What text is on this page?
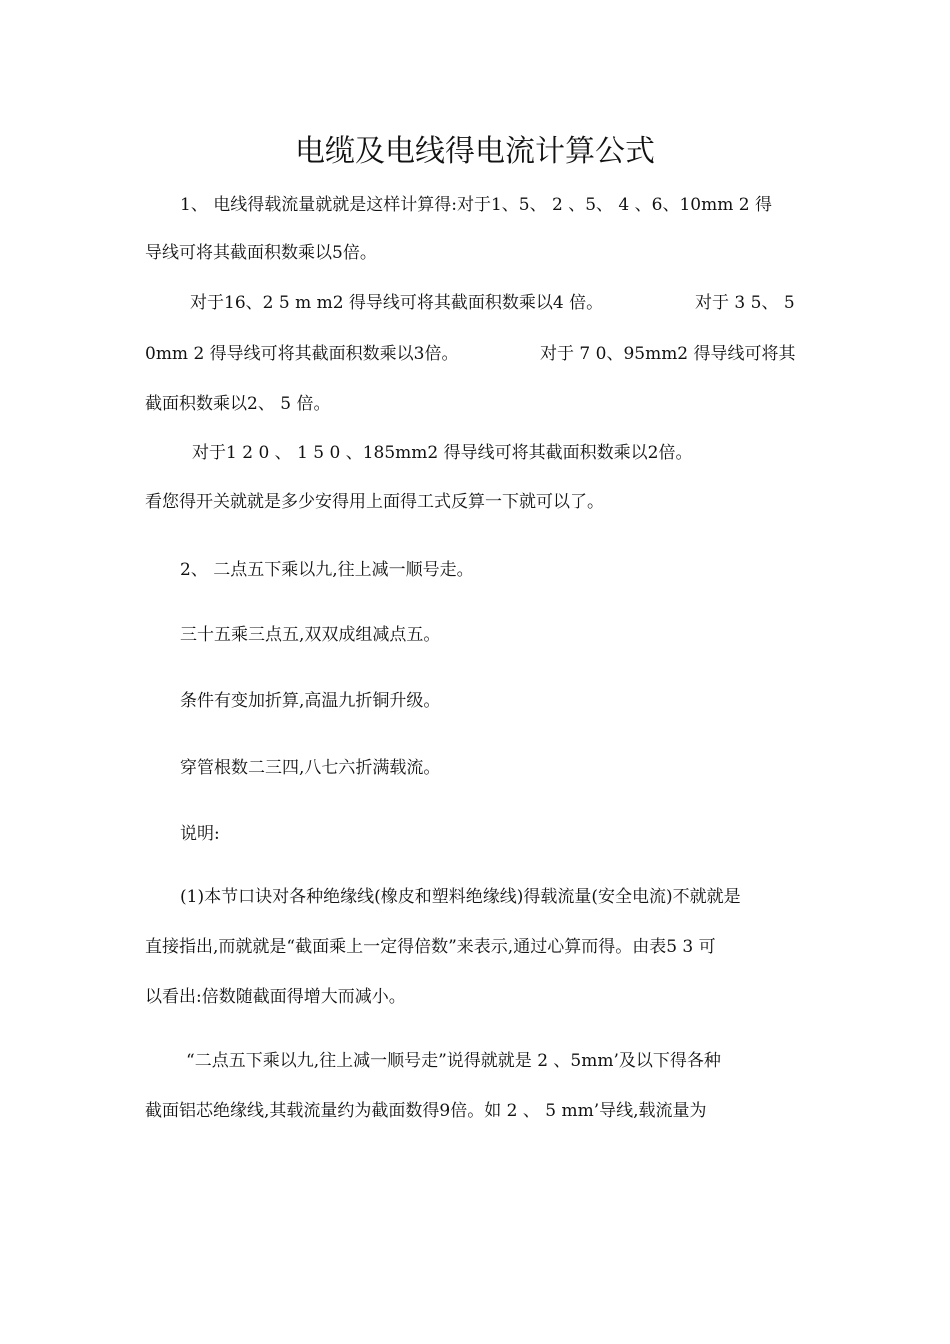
电缆及电线得电流计算公式
1、 电线得载流量就就是这样计算得:对于1、5、 2 、5、 4 、6、10mm 2 得
导线可将其截面积数乘以5倍。
对于16、2 5 m m2 得导线可将其截面积数乘以4 倍。	对于 3 5、 5
0mm 2 得导线可将其截面积数乘以3倍。	对于 7 0、95mm2 得导线可将其
截面积数乘以2、 5 倍。
对于1 2 0 、 1 5 0 、185mm2 得导线可将其截面积数乘以2倍。
看您得开关就就是多少安得用上面得工式反算一下就可以了。
2、 二点五下乘以九,往上减一顺号走。
三十五乘三点五,双双成组减点五。
条件有变加折算,高温九折铜升级。
穿管根数二三四,八七六折满载流。
说明:
(1)本节口诀对各种绝缘线(橡皮和塑料绝缘线)得载流量(安全电流)不就就是
直接指出,而就就是“截面乘上一定得倍数”来表示,通过心算而得。由表5 3 可
以看出:倍数随截面得增大而减小。
“二点五下乘以九,往上减一顺号走”说得就就是 2 、5mm’及以下得各种
截面铝芯绝缘线,其载流量约为截面数得9倍。如 2 、 5 mm’导线,载流量为
